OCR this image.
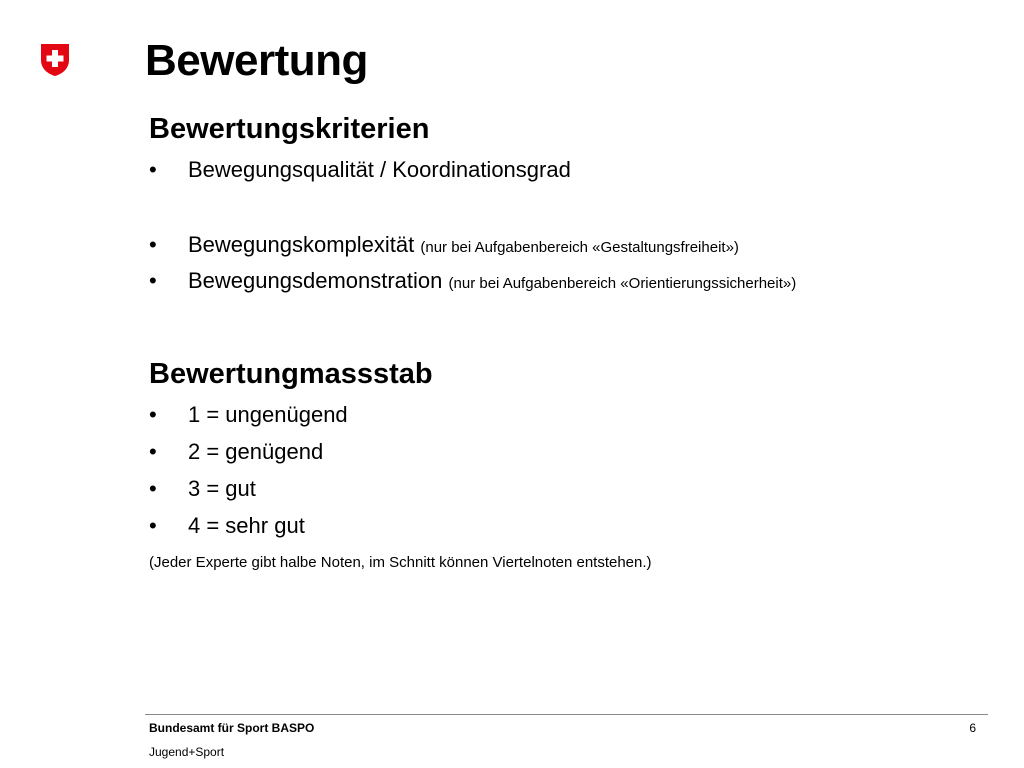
Bewertung
Bewertungskriterien
• Bewegungsqualität / Koordinationsgrad
• Bewegungskomplexität (nur bei Aufgabenbereich «Gestaltungsfreiheit»)
• Bewegungsdemonstration (nur bei Aufgabenbereich «Orientierungssicherheit»)
Bewertungmassstab
• 1 = ungenügend
• 2 = genügend
• 3 = gut
• 4 = sehr gut
(Jeder Experte gibt halbe Noten, im Schnitt können Viertelnoten entstehen.)
Bundesamt für Sport BASPO
Jugend+Sport
6
